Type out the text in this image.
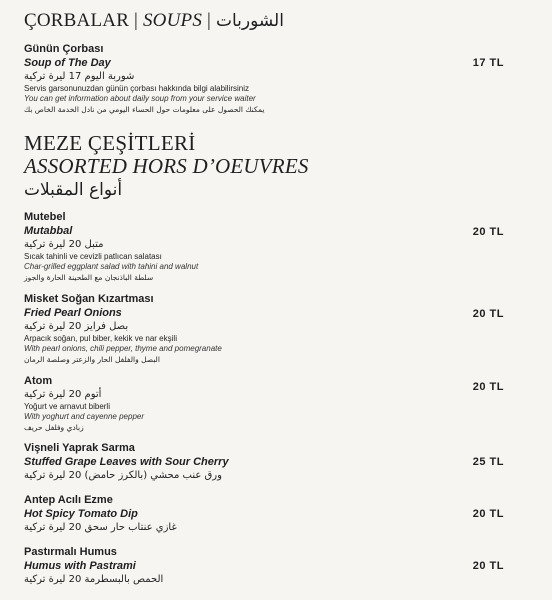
ÇORBALAR | SOUPS | الشوربات
Günün Çorbası
Soup of The Day
شوربة اليوم 17 ليرة تركية
Servis garsonunuzdan günün çorbası hakkında bilgi alabilirsiniz
You can get information about daily soup from your service waiter
يمكنك الحصول على معلومات حول الحساء اليومي من نادل الخدمة الخاص بك
17 TL
MEZE ÇEŞİTLERİ
ASSORTED HORS D’OEUVRES
أنواع المقبلات
Mutebel
Mutabbal
متبل 20 ليرة تركية
Sıcak tahinli ve cevizli patlıcan salatası
Char-grilled eggplant salad with tahini and walnut
سلطة الباذنجان مع الطحينة الحارة والجوز
20 TL
Misket Soğan Kızartması
Fried Pearl Onions
بصل فرايز 20 ليرة تركية
Arpacık soğan, pul biber, kekik ve nar ekşili
With pearl onions, chili pepper, thyme and pomegranate
البصل والفلفل الحار والزعتر وصلصة الرمان
20 TL
Atom
أتوم 20 ليرة تركية
Yoğurt ve arnavut biberli
With yoghurt and cayenne pepper
زبادي وفلفل حريف
20 TL
Vişneli Yaprak Sarma
Stuffed Grape Leaves with Sour Cherry
ورق عنب محشي (بالكرز حامض) 20 ليرة تركية
25 TL
Antep Acılı Ezme
Hot Spicy Tomato Dip
غازي عنتاب حار سحق 20 ليرة تركية
20 TL
Pastırmalı Humus
Humus with Pastrami
الحمص بالبسطرمة 20 ليرة تركية
20 TL
